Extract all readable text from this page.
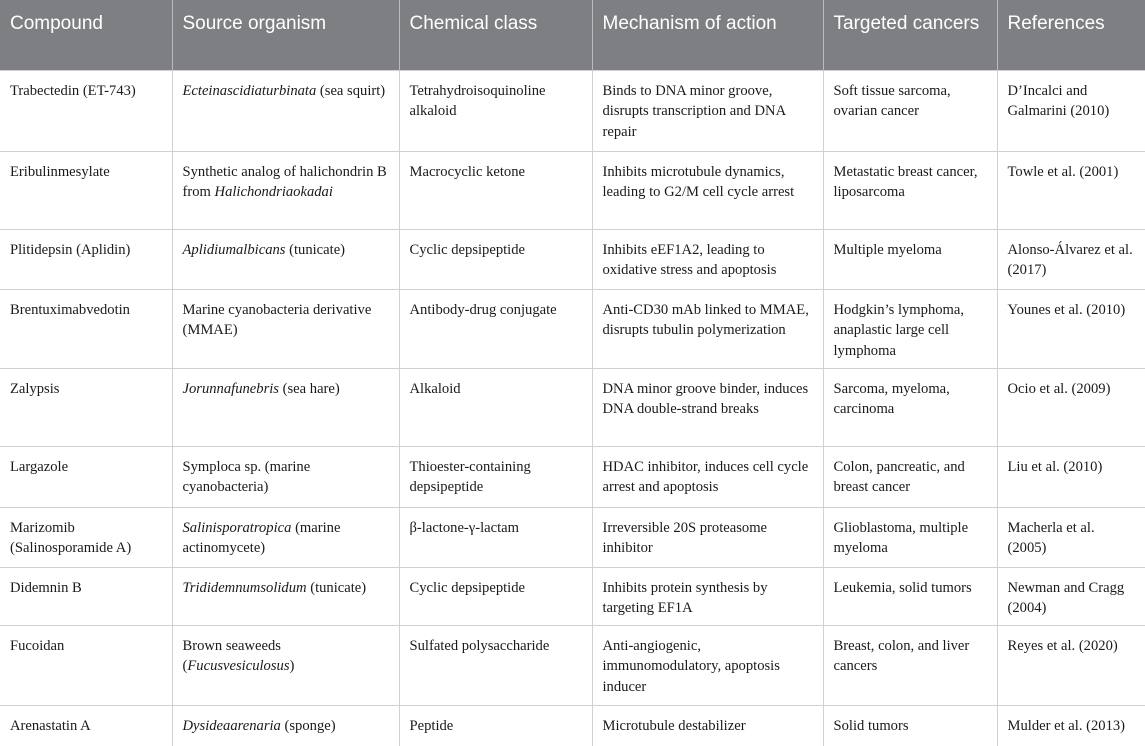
Compound	Source organism	Chemical class	Mechanism of action	Targeted cancers	References
Trabectedin (ET-743)	Ecteinascidiaturbinata (sea squirt)	Tetrahydroisoquinoline alkaloid	Binds to DNA minor groove, disrupts transcription and DNA repair	Soft tissue sarcoma, ovarian cancer	D’Incalci and Galmarini (2010)
Eribulinmesylate	Synthetic analog of halichondrin B from Halichondriaokadai	Macrocyclic ketone	Inhibits microtubule dynamics, leading to G2/M cell cycle arrest	Metastatic breast cancer, liposarcoma	Towle et al. (2001)
Plitidepsin (Aplidin)	Aplidiumalbicans (tunicate)	Cyclic depsipeptide	Inhibits eEF1A2, leading to oxidative stress and apoptosis	Multiple myeloma	Alonso-Álvarez et al. (2017)
Brentuximabvedotin	Marine cyanobacteria derivative (MMAE)	Antibody-drug conjugate	Anti-CD30 mAb linked to MMAE, disrupts tubulin polymerization	Hodgkin’s lymphoma, anaplastic large cell lymphoma	Younes et al. (2010)
Zalypsis	Jorunnafunebris (sea hare)	Alkaloid	DNA minor groove binder, induces DNA double-strand breaks	Sarcoma, myeloma, carcinoma	Ocio et al. (2009)
Largazole	Symploca sp. (marine cyanobacteria)	Thioester-containing depsipeptide	HDAC inhibitor, induces cell cycle arrest and apoptosis	Colon, pancreatic, and breast cancer	Liu et al. (2010)
Marizomib (Salinosporamide A)	Salinisporatropica (marine actinomycete)	β-lactone-γ-lactam	Irreversible 20S proteasome inhibitor	Glioblastoma, multiple myeloma	Macherla et al. (2005)
Didemnin B	Trididemnumsolidum (tunicate)	Cyclic depsipeptide	Inhibits protein synthesis by targeting EF1A	Leukemia, solid tumors	Newman and Cragg (2004)
Fucoidan	Brown seaweeds (Fucusvesiculosus)	Sulfated polysaccharide	Anti-angiogenic, immunomodulatory, apoptosis inducer	Breast, colon, and liver cancers	Reyes et al. (2020)
Arenastatin A	Dysideaarenaria (sponge)	Peptide	Microtubule destabilizer	Solid tumors	Mulder et al. (2013)
